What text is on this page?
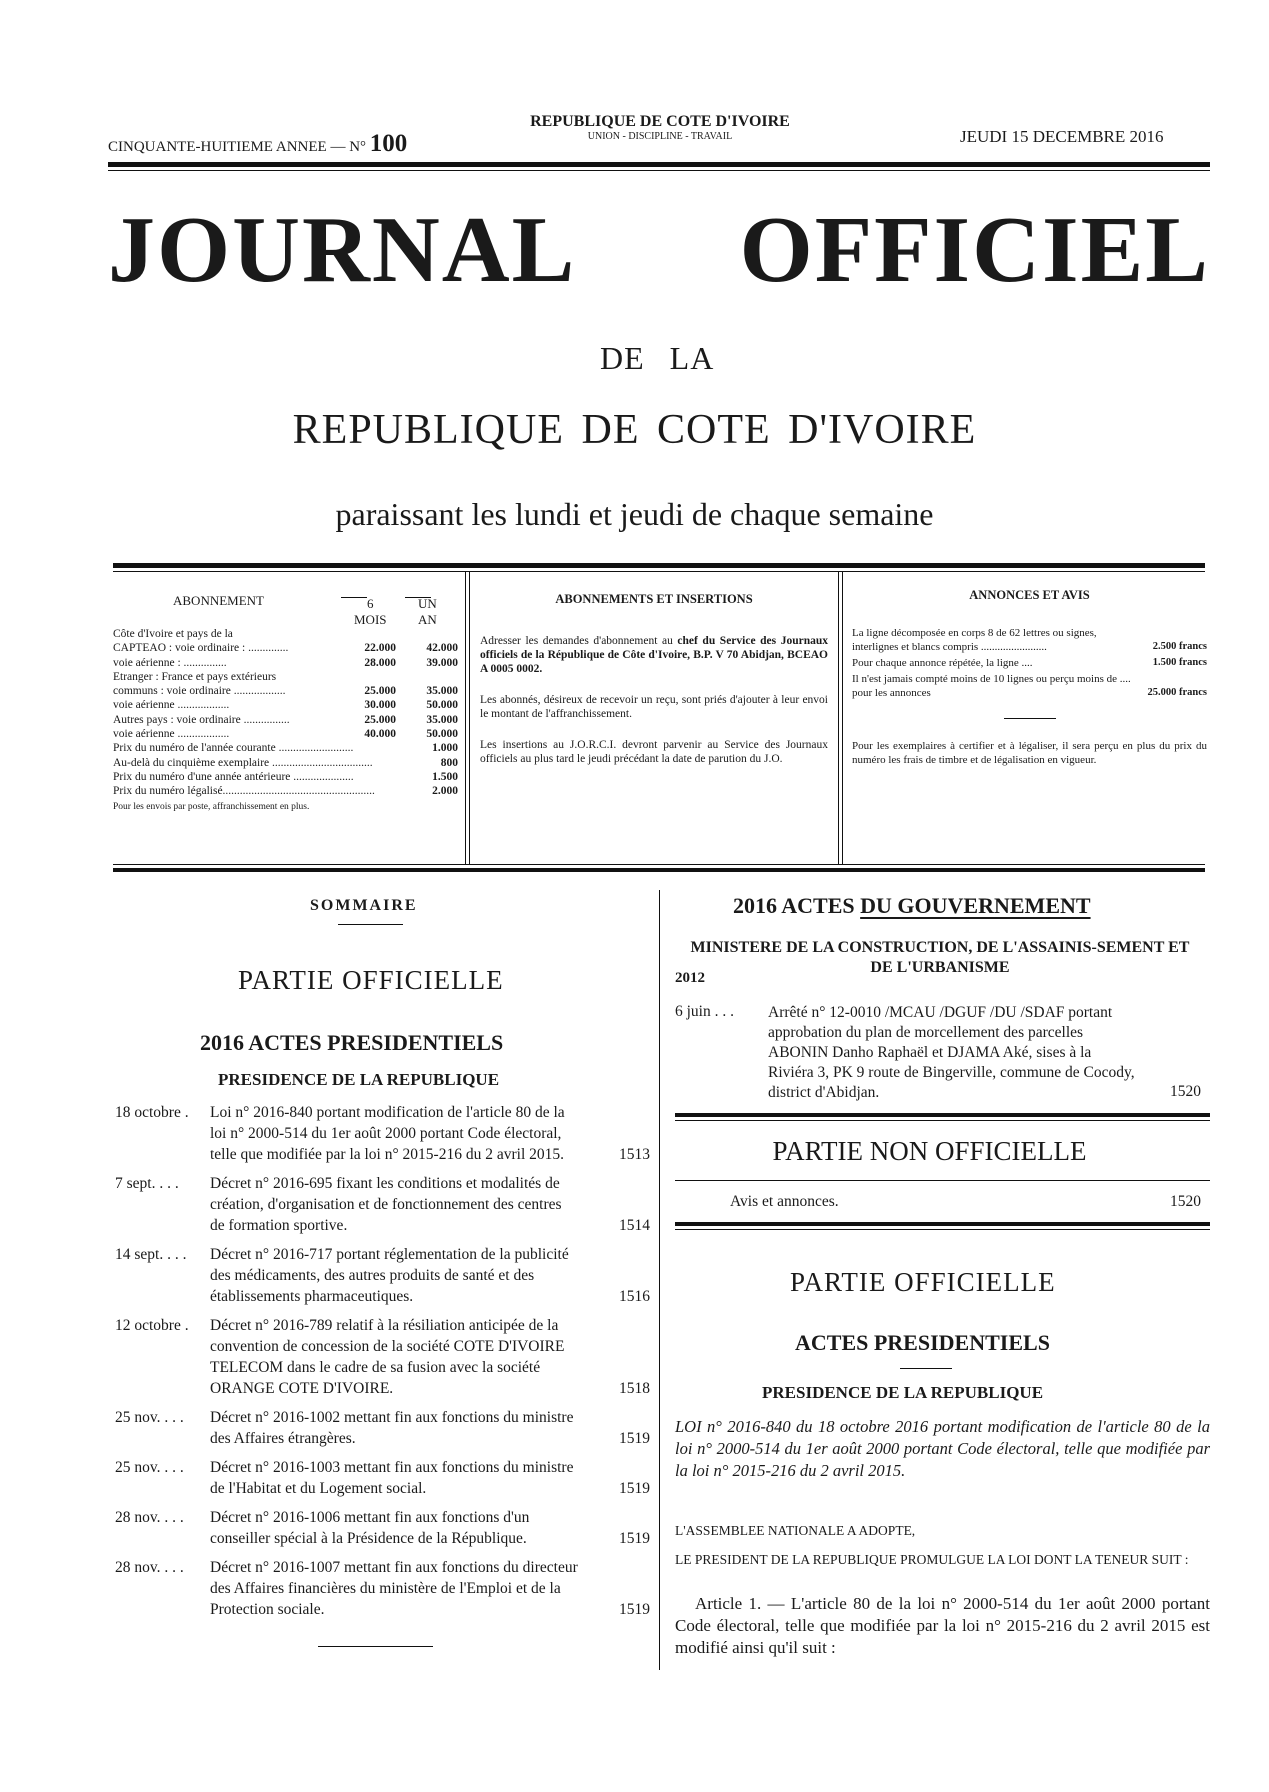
CINQUANTE-HUITIEME ANNEE — N° 100
REPUBLIQUE DE COTE D'IVOIRE
UNION - DISCIPLINE - TRAVAIL	JEUDI 15 DECEMBRE 2016
JOURNAL OFFICIEL
DE LA
REPUBLIQUE DE COTE D'IVOIRE
paraissant les lundi et jeudi de chaque semaine
ABONNEMENT	6 MOIS
UN AN
Côte d'Ivoire et pays de la
CAPTEAO : voie ordinaire : ..............	22.000	42.000
voie aérienne : ...............	28.000	39.000
Etranger : France et pays extérieurs
communs : voie ordinaire ..................	25.000	35.000
voie aérienne ..................	30.000	50.000
Autres pays : voie ordinaire ................	25.000	35.000
voie aérienne ..................	40.000	50.000
Prix du numéro de l'année courante ..........................	1.000
Au-delà du cinquième exemplaire ...................................	800
Prix du numéro d'une année antérieure .....................	1.500
Prix du numéro légalisé.....................................................	2.000
Pour les envois par poste, affranchissement en plus.
ABONNEMENTS ET INSERTIONS

Adresser les demandes d'abonnement au chef du Service des Journaux officiels de la République de Côte d'Ivoire, B.P. V 70 Abidjan, BCEAO A 0005 0002.

Les abonnés, désireux de recevoir un reçu, sont priés d'ajouter à leur envoi le montant de l'affranchissement.

Les insertions au J.O.R.C.I. devront parvenir au Service des Journaux officiels au plus tard le jeudi précédant la date de parution du J.O.

ANNONCES ET AVIS
La ligne décomposée en corps 8 de 62 lettres ou signes, interlignes et blancs compris ........................	2.500 francs
Pour chaque annonce répétée, la ligne ....	1.500 francs
Il n'est jamais compté moins de 10 lignes ou perçu moins de .... pour les annonces	25.000 francs
Pour les exemplaires à certifier et à légaliser, il sera perçu en plus du prix du numéro les frais de timbre et de légalisation en vigueur.
SOMMAIRE
PARTIE OFFICIELLE
2016 ACTES PRESIDENTIELS
PRESIDENCE DE LA REPUBLIQUE
18 octobre . Loi n° 2016-840 portant modification de l'article 80 de la loi n° 2000-514 du 1er août 2000 portant Code électoral, telle que modifiée par la loi n° 2015-216 du 2 avril 2015.	1513
7 sept. . . . Décret n° 2016-695 fixant les conditions et modalités de création, d'organisation et de fonctionnement des centres de formation sportive.	1514
14 sept. . . . Décret n° 2016-717 portant réglementation de la publicité des médicaments, des autres produits de santé et des établissements pharmaceutiques.	1516
12 octobre . Décret n° 2016-789 relatif à la résiliation anticipée de la convention de concession de la société COTE D'IVOIRE TELECOM dans le cadre de sa fusion avec la société ORANGE COTE D'IVOIRE.	1518
25 nov. . . . Décret n° 2016-1002 mettant fin aux fonctions du ministre des Affaires étrangères.	1519
25 nov. . . . Décret n° 2016-1003 mettant fin aux fonctions du ministre de l'Habitat et du Logement social.	1519
28 nov. . . . Décret n° 2016-1006 mettant fin aux fonctions d'un conseiller spécial à la Présidence de la République.	1519
28 nov. . . . Décret n° 2016-1007 mettant fin aux fonctions du directeur des Affaires financières du ministère de l'Emploi et de la Protection sociale.	1519
2016 ACTES DU GOUVERNEMENT
MINISTERE DE LA CONSTRUCTION, DE L'ASSAINIS-SEMENT ET DE L'URBANISME
2012
6 juin . . . Arrêté n° 12-0010 /MCAU /DGUF /DU /SDAF portant approbation du plan de morcellement des parcelles ABONIN Danho Raphaël et DJAMA Aké, sises à la Riviéra 3, PK 9 route de Bingerville, commune de Cocody, district d'Abidjan.	1520
PARTIE NON OFFICIELLE
Avis et annonces.	1520
PARTIE OFFICIELLE
ACTES PRESIDENTIELS
PRESIDENCE DE LA REPUBLIQUE
LOI n° 2016-840 du 18 octobre 2016 portant modification de l'article 80 de la loi n° 2000-514 du 1er août 2000 portant Code électoral, telle que modifiée par la loi n° 2015-216 du 2 avril 2015.
L'ASSEMBLEE NATIONALE A ADOPTE,
LE PRESIDENT DE LA REPUBLIQUE PROMULGUE LA LOI DONT LA TENEUR SUIT :
Article 1. — L'article 80 de la loi n° 2000-514 du 1er août 2000 portant Code électoral, telle que modifiée par la loi n° 2015-216 du 2 avril 2015 est modifié ainsi qu'il suit :
